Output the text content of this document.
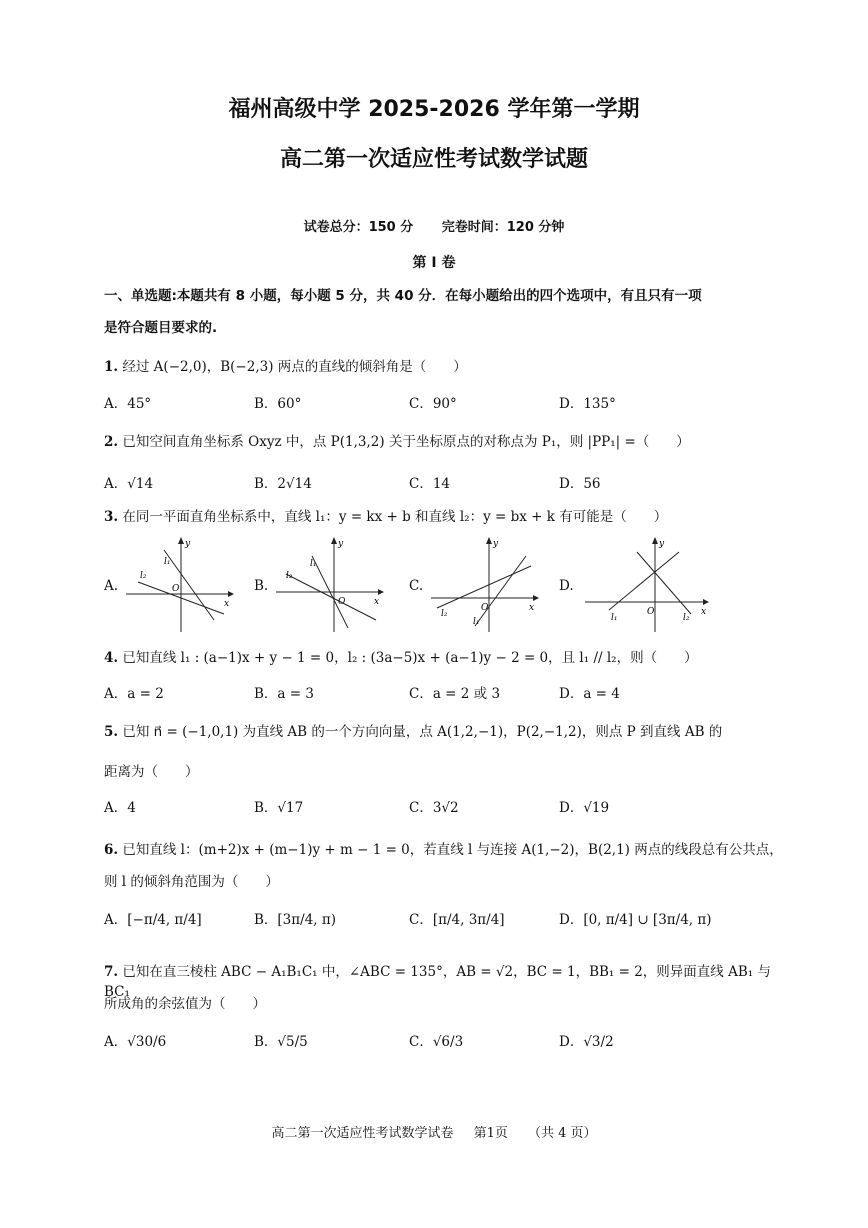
福州高级中学 2025-2026 学年第一学期
高二第一次适应性考试数学试题
试卷总分：150 分 完卷时间：120 分钟
第 I 卷
一、单选题:本题共有 8 小题，每小题 5 分，共 40 分．在每小题给出的四个选项中，有且只有一项
是符合题目要求的.
1. 经过 A(−2,0)，B(−2,3) 两点的直线的倾斜角是（　　）
A．45°	B．60°	C．90°	D．135°
2. 已知空间直角坐标系 Oxyz 中，点 P(1,3,2) 关于坐标原点的对称点为 P₁，则 |PP₁| =（　　）
A．√14	B．2√14	C．14	D．56
3. 在同一平面直角坐标系中，直线 l₁：y = kx + b 和直线 l₂：y = bx + k 有可能是（　　）
A.
y
x
O
l₁
l₂
B.
y
x
O
l₁
l₂
C.
y
x
O
l₁
l₂
D.
y
x
O
l₁	l₂
4. 已知直线 l₁ : (a−1)x + y − 1 = 0，l₂ : (3a−5)x + (a−1)y − 2 = 0，且 l₁ // l₂，则（　　）
A．a = 2	B．a = 3	C．a = 2 或 3	D．a = 4
5. 已知 n⃗ = (−1,0,1) 为直线 AB 的一个方向向量，点 A(1,2,−1)，P(2,−1,2)，则点 P 到直线 AB 的
距离为（　　）
A．4	B．√17	C．3√2	D．√19
6. 已知直线 l：(m+2)x + (m−1)y + m − 1 = 0，若直线 l 与连接 A(1,−2)，B(2,1) 两点的线段总有公共点，
则 l 的倾斜角范围为（　　）
A．[−π/4, π/4]	B．[3π/4, π)	C．[π/4, 3π/4]	D．[0, π/4] ∪ [3π/4, π)
7. 已知在直三棱柱 ABC − A₁B₁C₁ 中，∠ABC = 135°，AB = √2，BC = 1，BB₁ = 2，则异面直线 AB₁ 与 BC₁
所成角的余弦值为（　　）
A．√30/6	B．√5/5	C．√6/3	D．√3/2
高二第一次适应性考试数学试卷 第1页 （共 4 页）
